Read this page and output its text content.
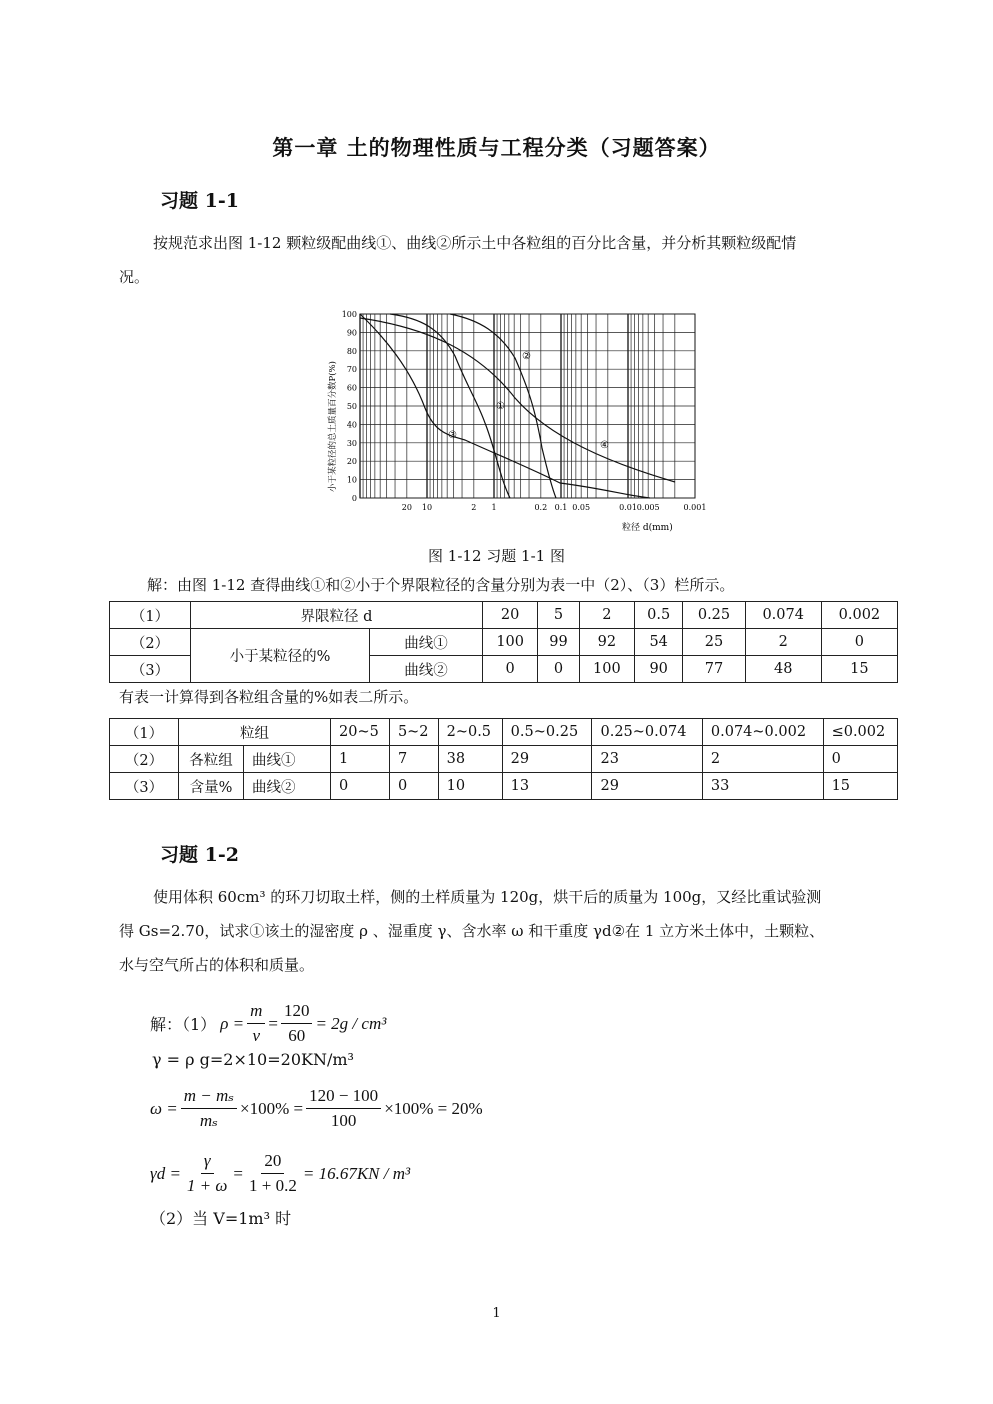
第一章 土的物理性质与工程分类（习题答案）
习题 1-1
按规范求出图 1-12 颗粒级配曲线①、曲线②所示土中各粒组的百分比含量，并分析其颗粒级配情
况。
100
90
80
70
60
50
40
30
20
10
0
20 10	2 1	0.2 0.1 0.05	0.01 0.005	0.001
②
①
③
④
小于某粒径的总土质量百分数P(%)
粒径 d(mm)
图 1-12 习题 1-1 图
解：由图 1-12 查得曲线①和②小于个界限粒径的含量分别为表一中（2）、（3）栏所示。
（1）	界限粒径 d		20	5	2	0.5	0.25	0.074	0.002
（2）	小于某粒径的%	曲线①	100	99	92	54	25	2	0
（3）		曲线②	0	0	100	90	77	48	15
有表一计算得到各粒组含量的%如表二所示。
（1）	粒组		20~5	5~2	2~0.5	0.5~0.25	0.25~0.074	0.074~0.002	≤0.002
（2）	各粒组	曲线①	1	7	38	29	23	2	0
（3）	含量%	曲线②	0	0	10	13	29	33	15
习题 1-2
使用体积 60cm³ 的环刀切取土样，侧的土样质量为 120g，烘干后的质量为 100g，又经比重试验测
得 Gs=2.70，试求①该土的湿密度 ρ 、湿重度 γ、含水率 ω 和干重度 γd②在 1 立方米土体中，土颗粒、
水与空气所占的体积和质量。
解：（1） $\rho = \frac{m}{v} = \frac{120}{60} = 2g / cm^3$
γ = ρ g=2×10=20KN/m³
$\omega = \frac{\text{m − mₛ}}{\text{mₛ}} \times 100\% = \frac{120 - 100}{100} \times 100\% = 20\%$
$\gamma d = \frac{\gamma}{1 + \omega} = \frac{20}{1 + 0.2} = 16.67KN / m^3$
（2）当 V=1m³ 时
1
